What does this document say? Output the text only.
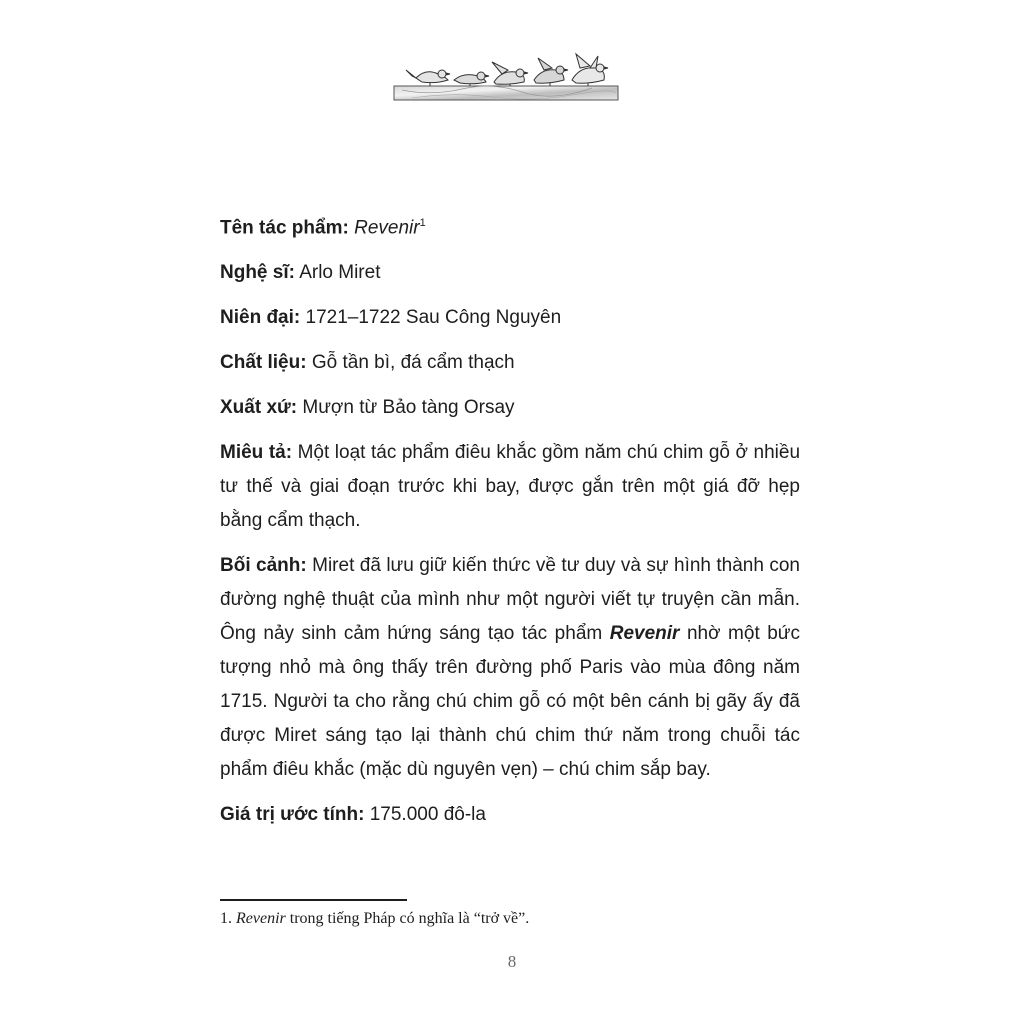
Tên tác phẩm: Revenir$^1$

Nghệ sĩ: Arlo Miret

Niên đại: 1721–1722 Sau Công Nguyên

Chất liệu: Gỗ tần bì, đá cẩm thạch

Xuất xứ: Mượn từ Bảo tàng Orsay

Miêu tả: Một loạt tác phẩm điêu khắc gồm năm chú chim gỗ ở nhiều tư thế và giai đoạn trước khi bay, được gắn trên một giá đỡ hẹp bằng cẩm thạch.

Bối cảnh: Miret đã lưu giữ kiến thức về tư duy và sự hình thành con đường nghệ thuật của mình như một người viết tự truyện cần mẫn. Ông nảy sinh cảm hứng sáng tạo tác phẩm Revenir nhờ một bức tượng nhỏ mà ông thấy trên đường phố Paris vào mùa đông năm 1715. Người ta cho rằng chú chim gỗ có một bên cánh bị gãy ấy đã được Miret sáng tạo lại thành chú chim thứ năm trong chuỗi tác phẩm điêu khắc (mặc dù nguyên vẹn) – chú chim sắp bay.

Giá trị ước tính: 175.000 đô-la

1. Revenir trong tiếng Pháp có nghĩa là “trở về”.
8
